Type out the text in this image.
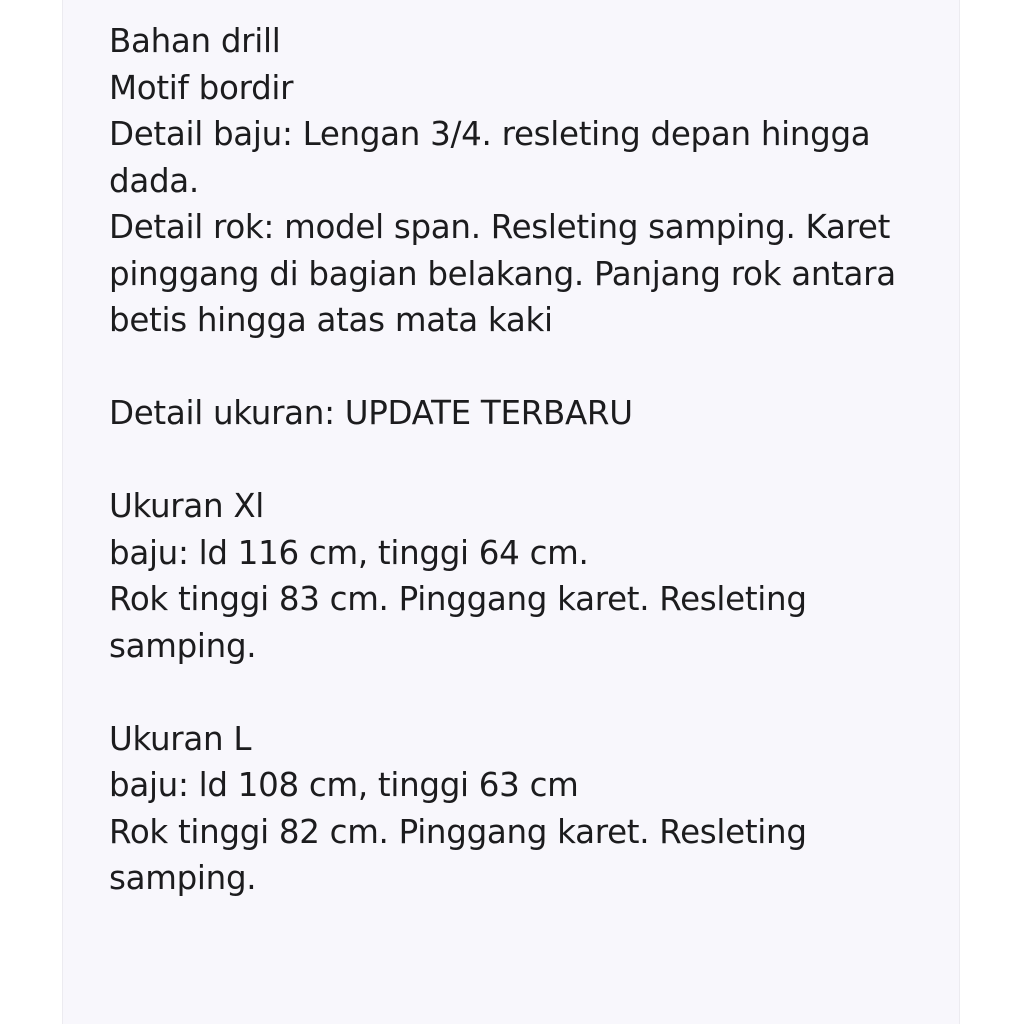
Bahan drill
Motif bordir
Detail baju: Lengan 3/4. resleting depan hingga
dada.
Detail rok: model span. Resleting samping. Karet
pinggang di bagian belakang. Panjang rok antara
betis hingga atas mata kaki
Detail ukuran: UPDATE TERBARU
Ukuran Xl
baju: ld 116 cm, tinggi 64 cm.
Rok tinggi 83 cm. Pinggang karet. Resleting
samping.
Ukuran L
baju: ld 108 cm, tinggi 63 cm
Rok tinggi 82 cm. Pinggang karet. Resleting
samping.
